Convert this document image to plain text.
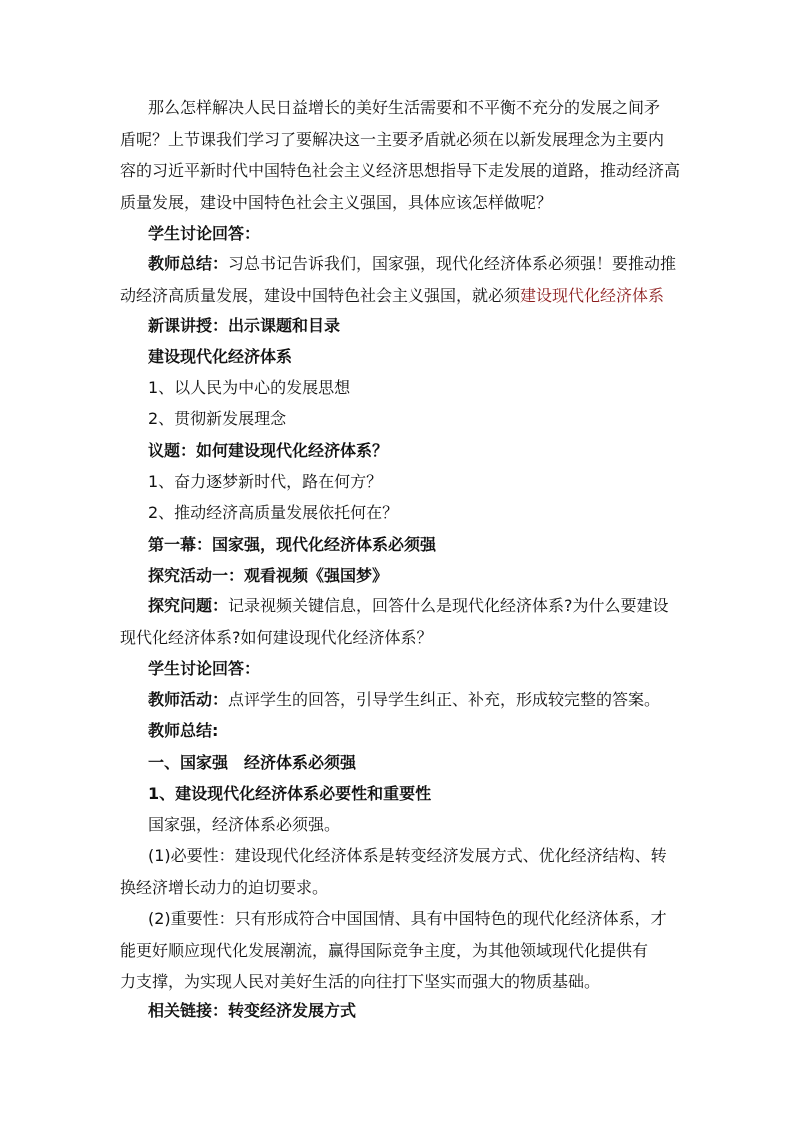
那么怎样解决人民日益增长的美好生活需要和不平衡不充分的发展之间矛
盾呢？上节课我们学习了要解决这一主要矛盾就必须在以新发展理念为主要内
容的习近平新时代中国特色社会主义经济思想指导下走发展的道路，推动经济高
质量发展，建设中国特色社会主义强国，具体应该怎样做呢？

学生讨论回答：

教师总结：习总书记告诉我们，国家强，现代化经济体系必须强！要推动推
动经济高质量发展，建设中国特色社会主义强国，就必须建设现代化经济体系

新课讲授：出示课题和目录

建设现代化经济体系

1、以人民为中心的发展思想

2、贯彻新发展理念

议题：如何建设现代化经济体系？

1、奋力逐梦新时代，路在何方？

2、推动经济高质量发展依托何在？

第一幕：国家强，现代化经济体系必须强

探究活动一：观看视频《强国梦》

探究问题：记录视频关键信息，回答什么是现代化经济体系?为什么要建设
现代化经济体系?如何建设现代化经济体系？

学生讨论回答：

教师活动：点评学生的回答，引导学生纠正、补充，形成较完整的答案。

教师总结:

一、国家强　经济体系必须强

1、建设现代化经济体系必要性和重要性

国家强，经济体系必须强。

(1)必要性：建设现代化经济体系是转变经济发展方式、优化经济结构、转
换经济增长动力的迫切要求。
(2)重要性：只有形成符合中国国情、具有中国特色的现代化经济体系，才
能更好顺应现代化发展潮流，赢得国际竞争主度，为其他领域现代化提供有
力支撑，为实现人民对美好生活的向往打下坚实而强大的物质基础。

相关链接：转变经济发展方式
